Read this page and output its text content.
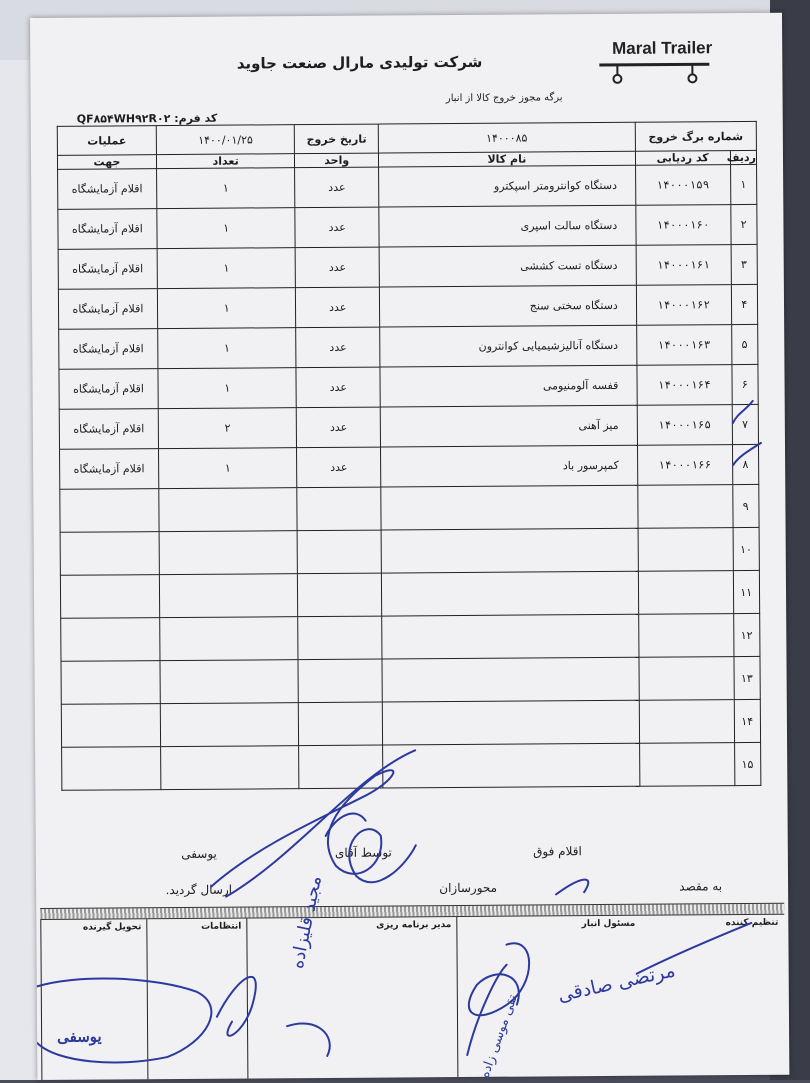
شرکت تولیدی مارال صنعت جاوید
Maral Trailer
برگه مجوز خروج کالا از انبار
کد فرم: QF۸۵۴WH۹۲R۰۲
شماره برگ خروج		۱۴۰۰۰۸۵	تاریخ خروج	۱۴۰۰/۰۱/۲۵	عملیات
ردیف	کد ردیابی	نام کالا	واحد	تعداد	جهت
۱	۱۴۰۰۰۱۵۹	دستگاه کوانترومتر اسپکترو	عدد	۱	اقلام آزمایشگاه
۲	۱۴۰۰۰۱۶۰	دستگاه سالت اسپری	عدد	۱	اقلام آزمایشگاه
۳	۱۴۰۰۰۱۶۱	دستگاه تست کششی	عدد	۱	اقلام آزمایشگاه
۴	۱۴۰۰۰۱۶۲	دستگاه سختی سنج	عدد	۱	اقلام آزمایشگاه
۵	۱۴۰۰۰۱۶۳	دستگاه آنالیزشیمیایی کوانترون	عدد	۱	اقلام آزمایشگاه
۶	۱۴۰۰۰۱۶۴	قفسه آلومنیومی	عدد	۱	اقلام آزمایشگاه
۷	۱۴۰۰۰۱۶۵	میز آهنی	عدد	۲	اقلام آزمایشگاه
۸	۱۴۰۰۰۱۶۶	کمپرسور باد	عدد	۱	اقلام آزمایشگاه
۹					
۱۰					
۱۱					
۱۲					
۱۳					
۱۴					
۱۵					
اقلام فوق
توسط آقای
یوسفی
به مقصد
محورسازان
ارسال گردید.
تنظیم کننده
مسئول انبار
مدیر برنامه ریزی
انتظامات
تحویل گیرنده
مرتضی صادقی
مجید قلیزاده
یوسفی	تقی موسی زاده
